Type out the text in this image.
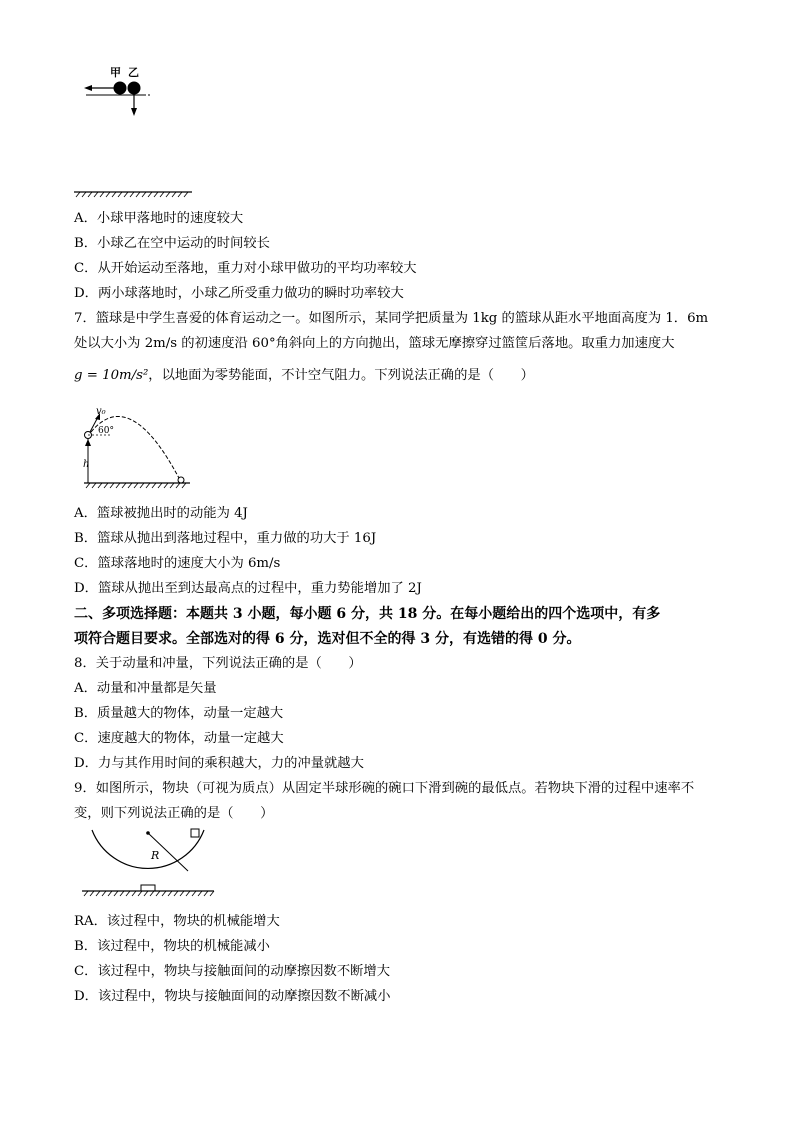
甲 乙
A．小球甲落地时的速度较大
B．小球乙在空中运动的时间较长
C．从开始运动至落地，重力对小球甲做功的平均功率较大
D．两小球落地时，小球乙所受重力做功的瞬时功率较大
7．篮球是中学生喜爱的体育运动之一。如图所示，某同学把质量为 1kg 的篮球从距水平地面高度为 1．6m
处以大小为 2m/s 的初速度沿 60°角斜向上的方向抛出，篮球无摩擦穿过篮筐后落地。取重力加速度大
g = 10m/s²，以地面为零势能面，不计空气阻力。下列说法正确的是（　　）
h
v₀
60°
A．篮球被抛出时的动能为 4J
B．篮球从抛出到落地过程中，重力做的功大于 16J
C．篮球落地时的速度大小为 6m/s
D．篮球从抛出至到达最高点的过程中，重力势能增加了 2J
二、多项选择题：本题共 3 小题，每小题 6 分，共 18 分。在每小题给出的四个选项中，有多
项符合题目要求。全部选对的得 6 分，选对但不全的得 3 分，有选错的得 0 分。
8．关于动量和冲量，下列说法正确的是（　　）
A．动量和冲量都是矢量
B．质量越大的物体，动量一定越大
C．速度越大的物体，动量一定越大
D．力与其作用时间的乘积越大，力的冲量就越大
9．如图所示，物块（可视为质点）从固定半球形碗的碗口下滑到碗的最低点。若物块下滑的过程中速率不
变，则下列说法正确的是（　　）
R
RA．该过程中，物块的机械能增大
B．该过程中，物块的机械能减小
C．该过程中，物块与接触面间的动摩擦因数不断增大
D．该过程中，物块与接触面间的动摩擦因数不断减小
